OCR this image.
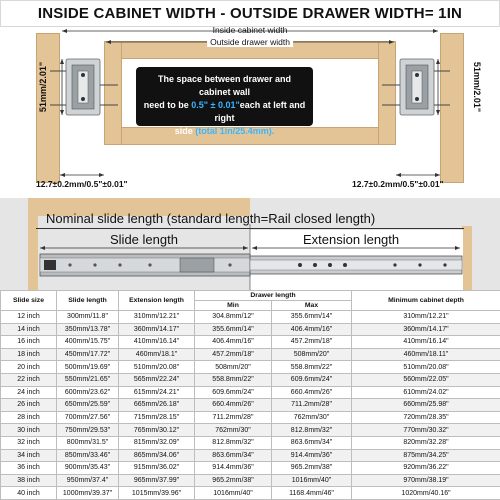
INSIDE CABINET WIDTH - OUTSIDE DRAWER WIDTH= 1IN
Inside cabinet width
Outside drawer width
51mm/2.01"	51mm/2.01"
The space between drawer and cabinet wall
need to be 0.5" ± 0.01"each at left and right
side (total 1in/25.4mm).
12.7±0.2mm/0.5"±0.01"	12.7±0.2mm/0.5"±0.01"
Nominal slide length (standard length=Rail closed length)
Slide length	Extension length
Slide size	Slide length	Extension length	Drawer length		Minimum cabinet depth
			Min	Max	
12 inch	300mm/11.8"	310mm/12.21"	304.8mm/12"	355.6mm/14"	310mm/12.21"
14 inch	350mm/13.78"	360mm/14.17"	355.6mm/14"	406.4mm/16"	360mm/14.17"
16 inch	400mm/15.75"	410mm/16.14"	406.4mm/16"	457.2mm/18"	410mm/16.14"
18 inch	450mm/17.72"	460mm/18.1"	457.2mm/18"	508mm/20"	460mm/18.11"
20 inch	500mm/19.69"	510mm/20.08"	508mm/20"	558.8mm/22"	510mm/20.08"
22 inch	550mm/21.65"	565mm/22.24"	558.8mm/22"	609.6mm/24"	560mm/22.05"
24 inch	600mm/23.62"	615mm/24.21"	609.6mm/24"	660.4mm/26"	610mm/24.02"
26 inch	650mm/25.59"	665mm/26.18"	660.4mm/26"	711.2mm/28"	660mm/25.98"
28 inch	700mm/27.56"	715mm/28.15"	711.2mm/28"	762mm/30"	720mm/28.35"
30 inch	750mm/29.53"	765mm/30.12"	762mm/30"	812.8mm/32"	770mm/30.32"
32 inch	800mm/31.5"	815mm/32.09"	812.8mm/32"	863.6mm/34"	820mm/32.28"
34 inch	850mm/33.46"	865mm/34.06"	863.6mm/34"	914.4mm/36"	875mm/34.25"
36 inch	900mm/35.43"	915mm/36.02"	914.4mm/36"	965.2mm/38"	920mm/36.22"
38 inch	950mm/37.4"	965mm/37.99"	965.2mm/38"	1016mm/40"	970mm/38.19"
40 inch	1000mm/39.37"	1015mm/39.96"	1016mm/40"	1168.4mm/46"	1020mm/40.16"
